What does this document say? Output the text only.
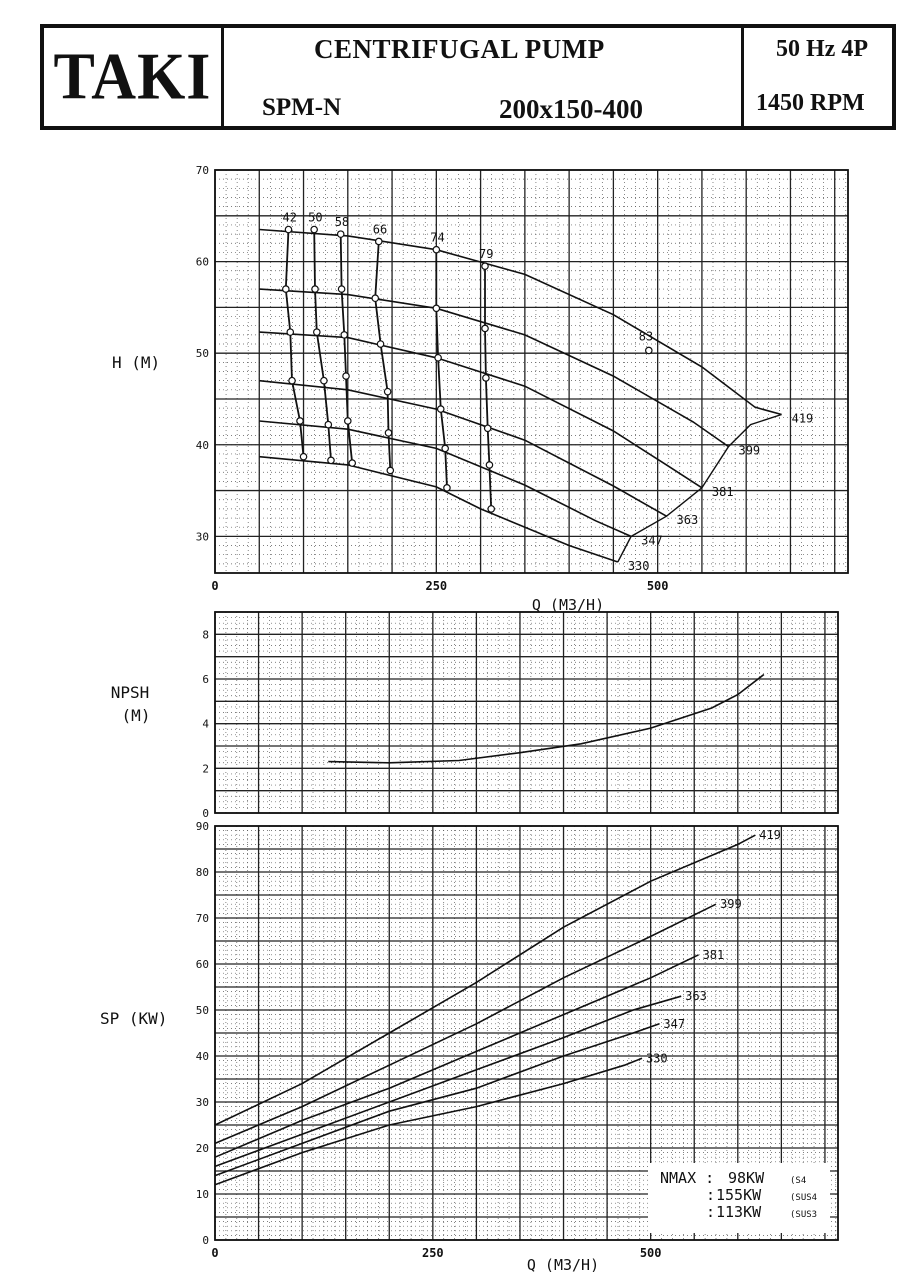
TAKI	CENTRIFUGAL PUMP
SPM-N	200x150-400
50 Hz 4P
1450 RPM
30
40
50
60
70
0	250	500
419
399
381
363
347
330
42 50 58
66
74
79
83
H (M)
Q (M3/H)
0
2
4
6
8
NPSH
(M)
0
10
20
30
40
50
60
70
80
90
0	250	500
419
399
381
363
347
330
SP (KW)
Q (M3/H)
NMAX : 98KW	(S4
: 155KW	(SUS4
: 113KW	(SUS3
